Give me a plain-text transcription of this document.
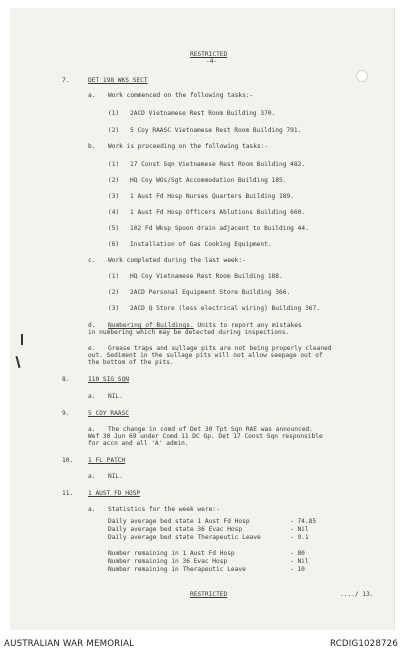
RESTRICTED
-4-
7.	DET 198 WKS SECT
a. Work commenced on the following tasks:-
(1) 2ACD Vietnamese Rest Room Building 370.
(2) 5 Coy RAASC Vietnamese Rest Room Building 791.
b. Work is proceeding on the following tasks:-
(1) 17 Const Sqn Vietnamese Rest Room Building 482.
(2) HQ Coy WOs/Sgt Accommodation Building 185.
(3) 1 Aust Fd Hosp Nurses Quarters Building 189.
(4) 1 Aust Fd Hosp Officers Ablutions Building 660.
(5) 102 Fd Wksp Spoon drain adjacent to Building 44.
(6) Installation of Gas Cooking Equipment.
c. Work completed during the last week:-
(1) HQ Coy Vietnamese Rest Room Building 188.
(2) 2ACD Personal Equipment Store Building 366.
(3) 2ACD Q Store (less electrical wiring) Building 367.
d. Numbering of Buildings. Units to report any mistakes
in numbering which may be detected during inspections.
e. Grease traps and sullage pits are not being properly cleaned
out. Sediment in the sullage pits will not allow seepage out of
the bottom of the pits.
8.	110 SIG SQN
a. NIL.
9.	5 COY RAASC
a. The change in comd of Det 30 Tpt Sqn RAE was announced.
Wef 30 Jun 69 under Comd 11 DC Gp. Det 17 Const Sqn responsible
for accn and all 'A' admin.
10. 1 FL PATCH
a. NIL.
11. 1 AUST FD HOSP
a. Statistics for the week were:-
Daily average bed state 1 Aust Fd Hosp	- 74.85
Daily average bed state 36 Evac Hosp	- Nil
Daily average bed state Therapeutic Leave	- 9.1
Number remaining in 1 Aust Fd Hosp	- 80
Number remaining in 36 Evac Hosp	- Nil
Number remaining in Therapeutic Leave	- 10
RESTRICTED	..../ 13.
AUSTRALIAN WAR MEMORIAL	RCDIG1028726
